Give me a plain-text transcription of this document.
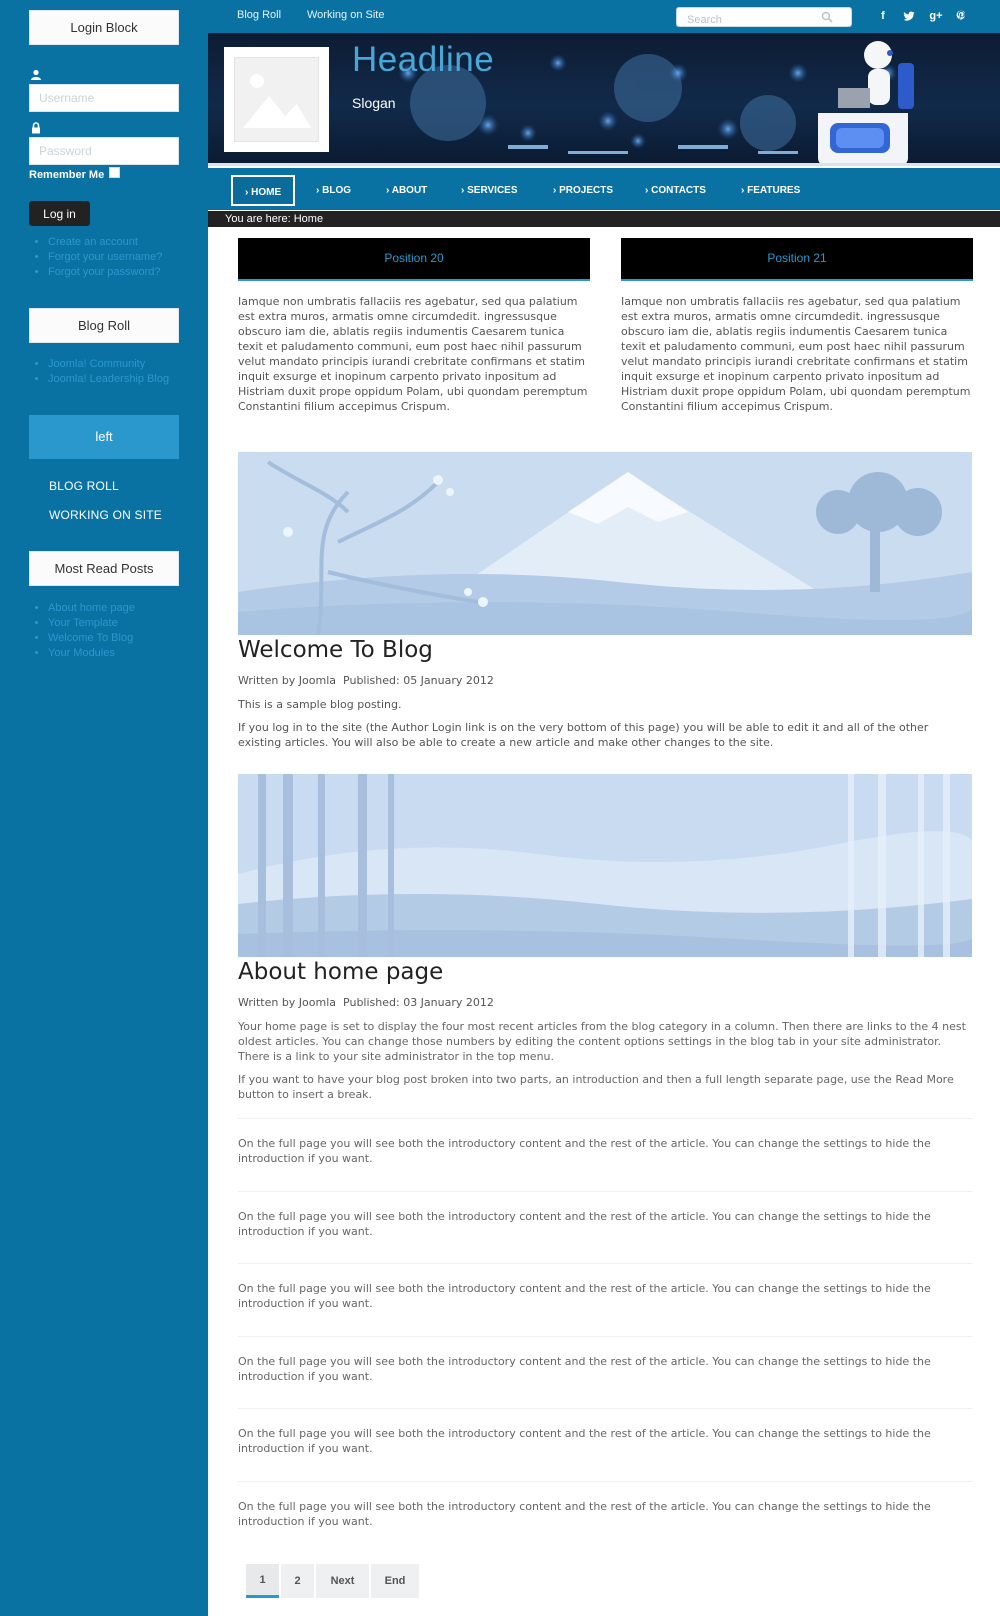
Login Block
Username
Remember Me
Log in
• Create an account
• Forgot your username?
• Forgot your password?
Blog Roll
• Joomla! Community
• Joomla! Leadership Blog
left
BLOG ROLL
WORKING ON SITE
Most Read Posts
• About home page
• Your Template
• Welcome To Blog
• Your Modules
Blog Roll Working on Site
Search	f	g+
Headline
Slogan
› HOME	› BLOG	› ABOUT	› SERVICES	› PROJECTS	› CONTACTS	› FEATURES
You are here: Home
Position 20

Iamque non umbratis fallaciis res agebatur, sed qua palatium est extra muros, armatis omne circumdedit. ingressusque obscuro iam die, ablatis regiis indumentis Caesarem tunica texit et paludamento communi, eum post haec nihil passurum velut mandato principis iurandi crebritate confirmans et statim inquit exsurge et inopinum carpento privato inpositum ad Histriam duxit prope oppidum Polam, ubi quondam peremptum Constantini filium accepimus Crispum.

Position 21

Iamque non umbratis fallaciis res agebatur, sed qua palatium est extra muros, armatis omne circumdedit. ingressusque obscuro iam die, ablatis regiis indumentis Caesarem tunica texit et paludamento communi, eum post haec nihil passurum velut mandato principis iurandi crebritate confirmans et statim inquit exsurge et inopinum carpento privato inpositum ad Histriam duxit prope oppidum Polam, ubi quondam peremptum Constantini filium accepimus Crispum.

Welcome To Blog
Written by Joomla Published: 05 January 2012

This is a sample blog posting.

If you log in to the site (the Author Login link is on the very bottom of this page) you will be able to edit it and all of the other existing articles. You will also be able to create a new article and make other changes to the site.

About home page
Written by Joomla Published: 03 January 2012

Your home page is set to display the four most recent articles from the blog category in a column. Then there are links to the 4 nest oldest articles. You can change those numbers by editing the content options settings in the blog tab in your site administrator. There is a link to your site administrator in the top menu.

If you want to have your blog post broken into two parts, an introduction and then a full length separate page, use the Read More button to insert a break.

On the full page you will see both the introductory content and the rest of the article. You can change the settings to hide the introduction if you want.

On the full page you will see both the introductory content and the rest of the article. You can change the settings to hide the introduction if you want.

On the full page you will see both the introductory content and the rest of the article. You can change the settings to hide the introduction if you want.

On the full page you will see both the introductory content and the rest of the article. You can change the settings to hide the introduction if you want.

On the full page you will see both the introductory content and the rest of the article. You can change the settings to hide the introduction if you want.

On the full page you will see both the introductory content and the rest of the article. You can change the settings to hide the introduction if you want.

1	2	Next	End
